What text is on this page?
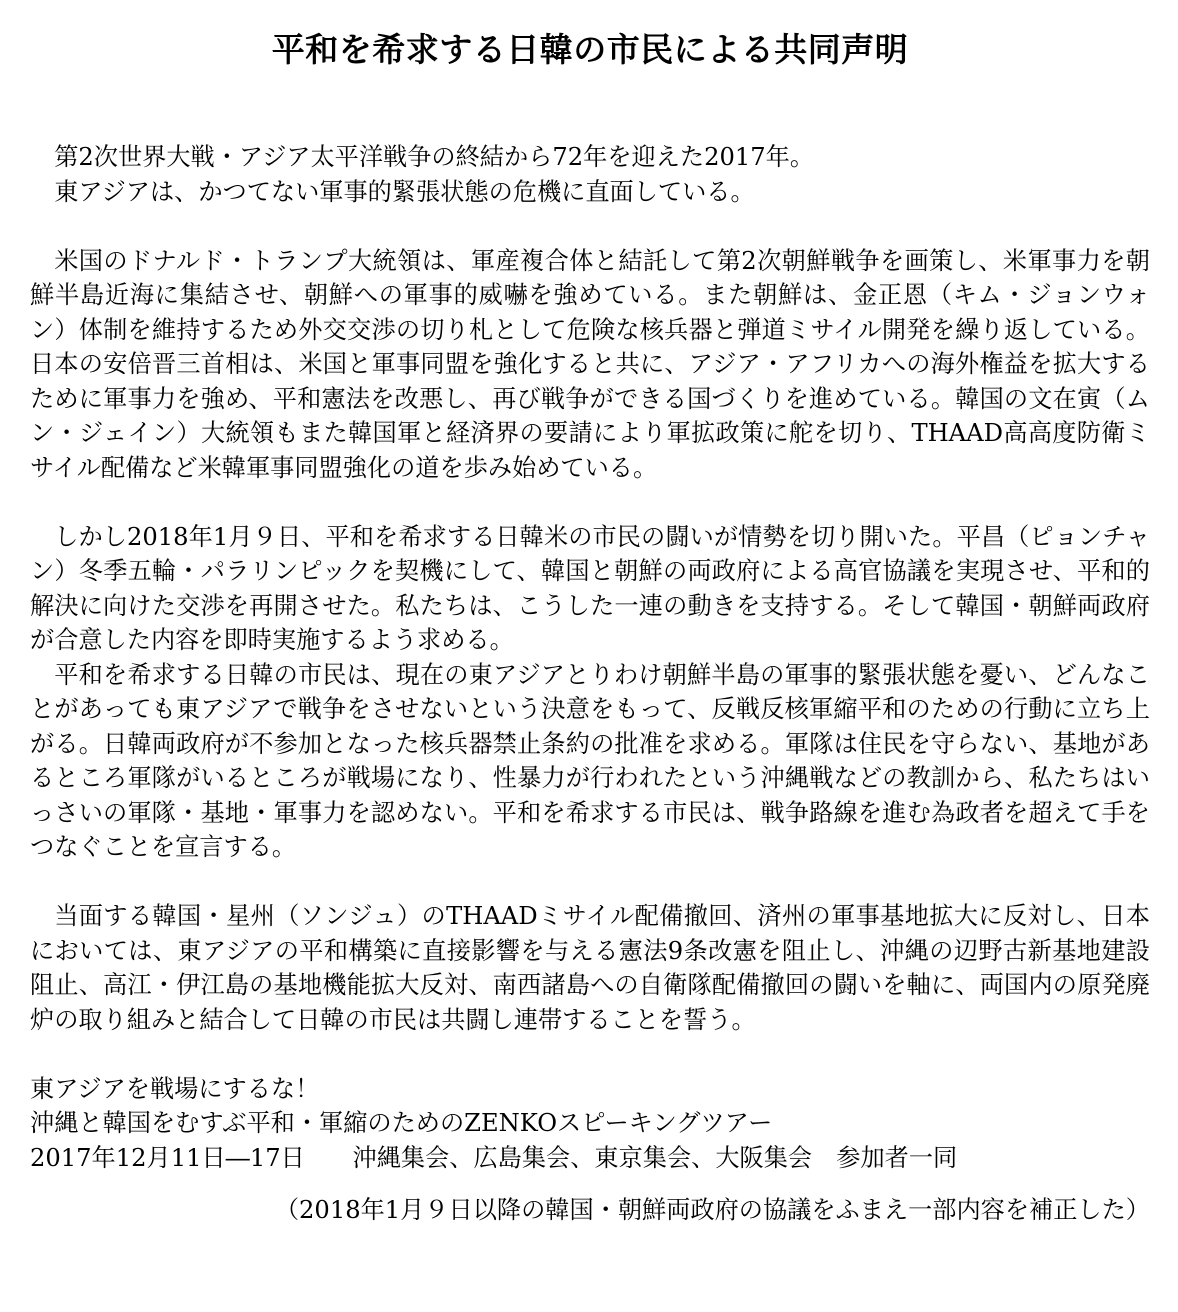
平和を希求する日韓の市民による共同声明

第2次世界大戦・アジア太平洋戦争の終結から72年を迎えた2017年。

東アジアは、かつてない軍事的緊張状態の危機に直面している。

米国のドナルド・トランプ大統領は、軍産複合体と結託して第2次朝鮮戦争を画策し、米軍事力を朝鮮半島近海に集結させ、朝鮮への軍事的威嚇を強めている。また朝鮮は、金正恩（キム・ジョンウォン）体制を維持するため外交交渉の切り札として危険な核兵器と弾道ミサイル開発を繰り返している。日本の安倍晋三首相は、米国と軍事同盟を強化すると共に、アジア・アフリカへの海外権益を拡大するために軍事力を強め、平和憲法を改悪し、再び戦争ができる国づくりを進めている。韓国の文在寅（ムン・ジェイン）大統領もまた韓国軍と経済界の要請により軍拡政策に舵を切り、THAAD高高度防衛ミサイル配備など米韓軍事同盟強化の道を歩み始めている。

しかし2018年1月９日、平和を希求する日韓米の市民の闘いが情勢を切り開いた。平昌（ピョンチャン）冬季五輪・パラリンピックを契機にして、韓国と朝鮮の両政府による高官協議を実現させ、平和的解決に向けた交渉を再開させた。私たちは、こうした一連の動きを支持する。そして韓国・朝鮮両政府が合意した内容を即時実施するよう求める。

平和を希求する日韓の市民は、現在の東アジアとりわけ朝鮮半島の軍事的緊張状態を憂い、どんなことがあっても東アジアで戦争をさせないという決意をもって、反戦反核軍縮平和のための行動に立ち上がる。日韓両政府が不参加となった核兵器禁止条約の批准を求める。軍隊は住民を守らない、基地があるところ軍隊がいるところが戦場になり、性暴力が行われたという沖縄戦などの教訓から、私たちはいっさいの軍隊・基地・軍事力を認めない。平和を希求する市民は、戦争路線を進む為政者を超えて手をつなぐことを宣言する。

当面する韓国・星州（ソンジュ）のTHAADミサイル配備撤回、済州の軍事基地拡大に反対し、日本においては、東アジアの平和構築に直接影響を与える憲法9条改憲を阻止し、沖縄の辺野古新基地建設阻止、高江・伊江島の基地機能拡大反対、南西諸島への自衛隊配備撤回の闘いを軸に、両国内の原発廃炉の取り組みと結合して日韓の市民は共闘し連帯することを誓う。

東アジアを戦場にするな！

沖縄と韓国をむすぶ平和・軍縮のためのZENKOスピーキングツアー

2017年12月11日―17日 沖縄集会、広島集会、東京集会、大阪集会　参加者一同

（2018年1月９日以降の韓国・朝鮮両政府の協議をふまえ一部内容を補正した）
